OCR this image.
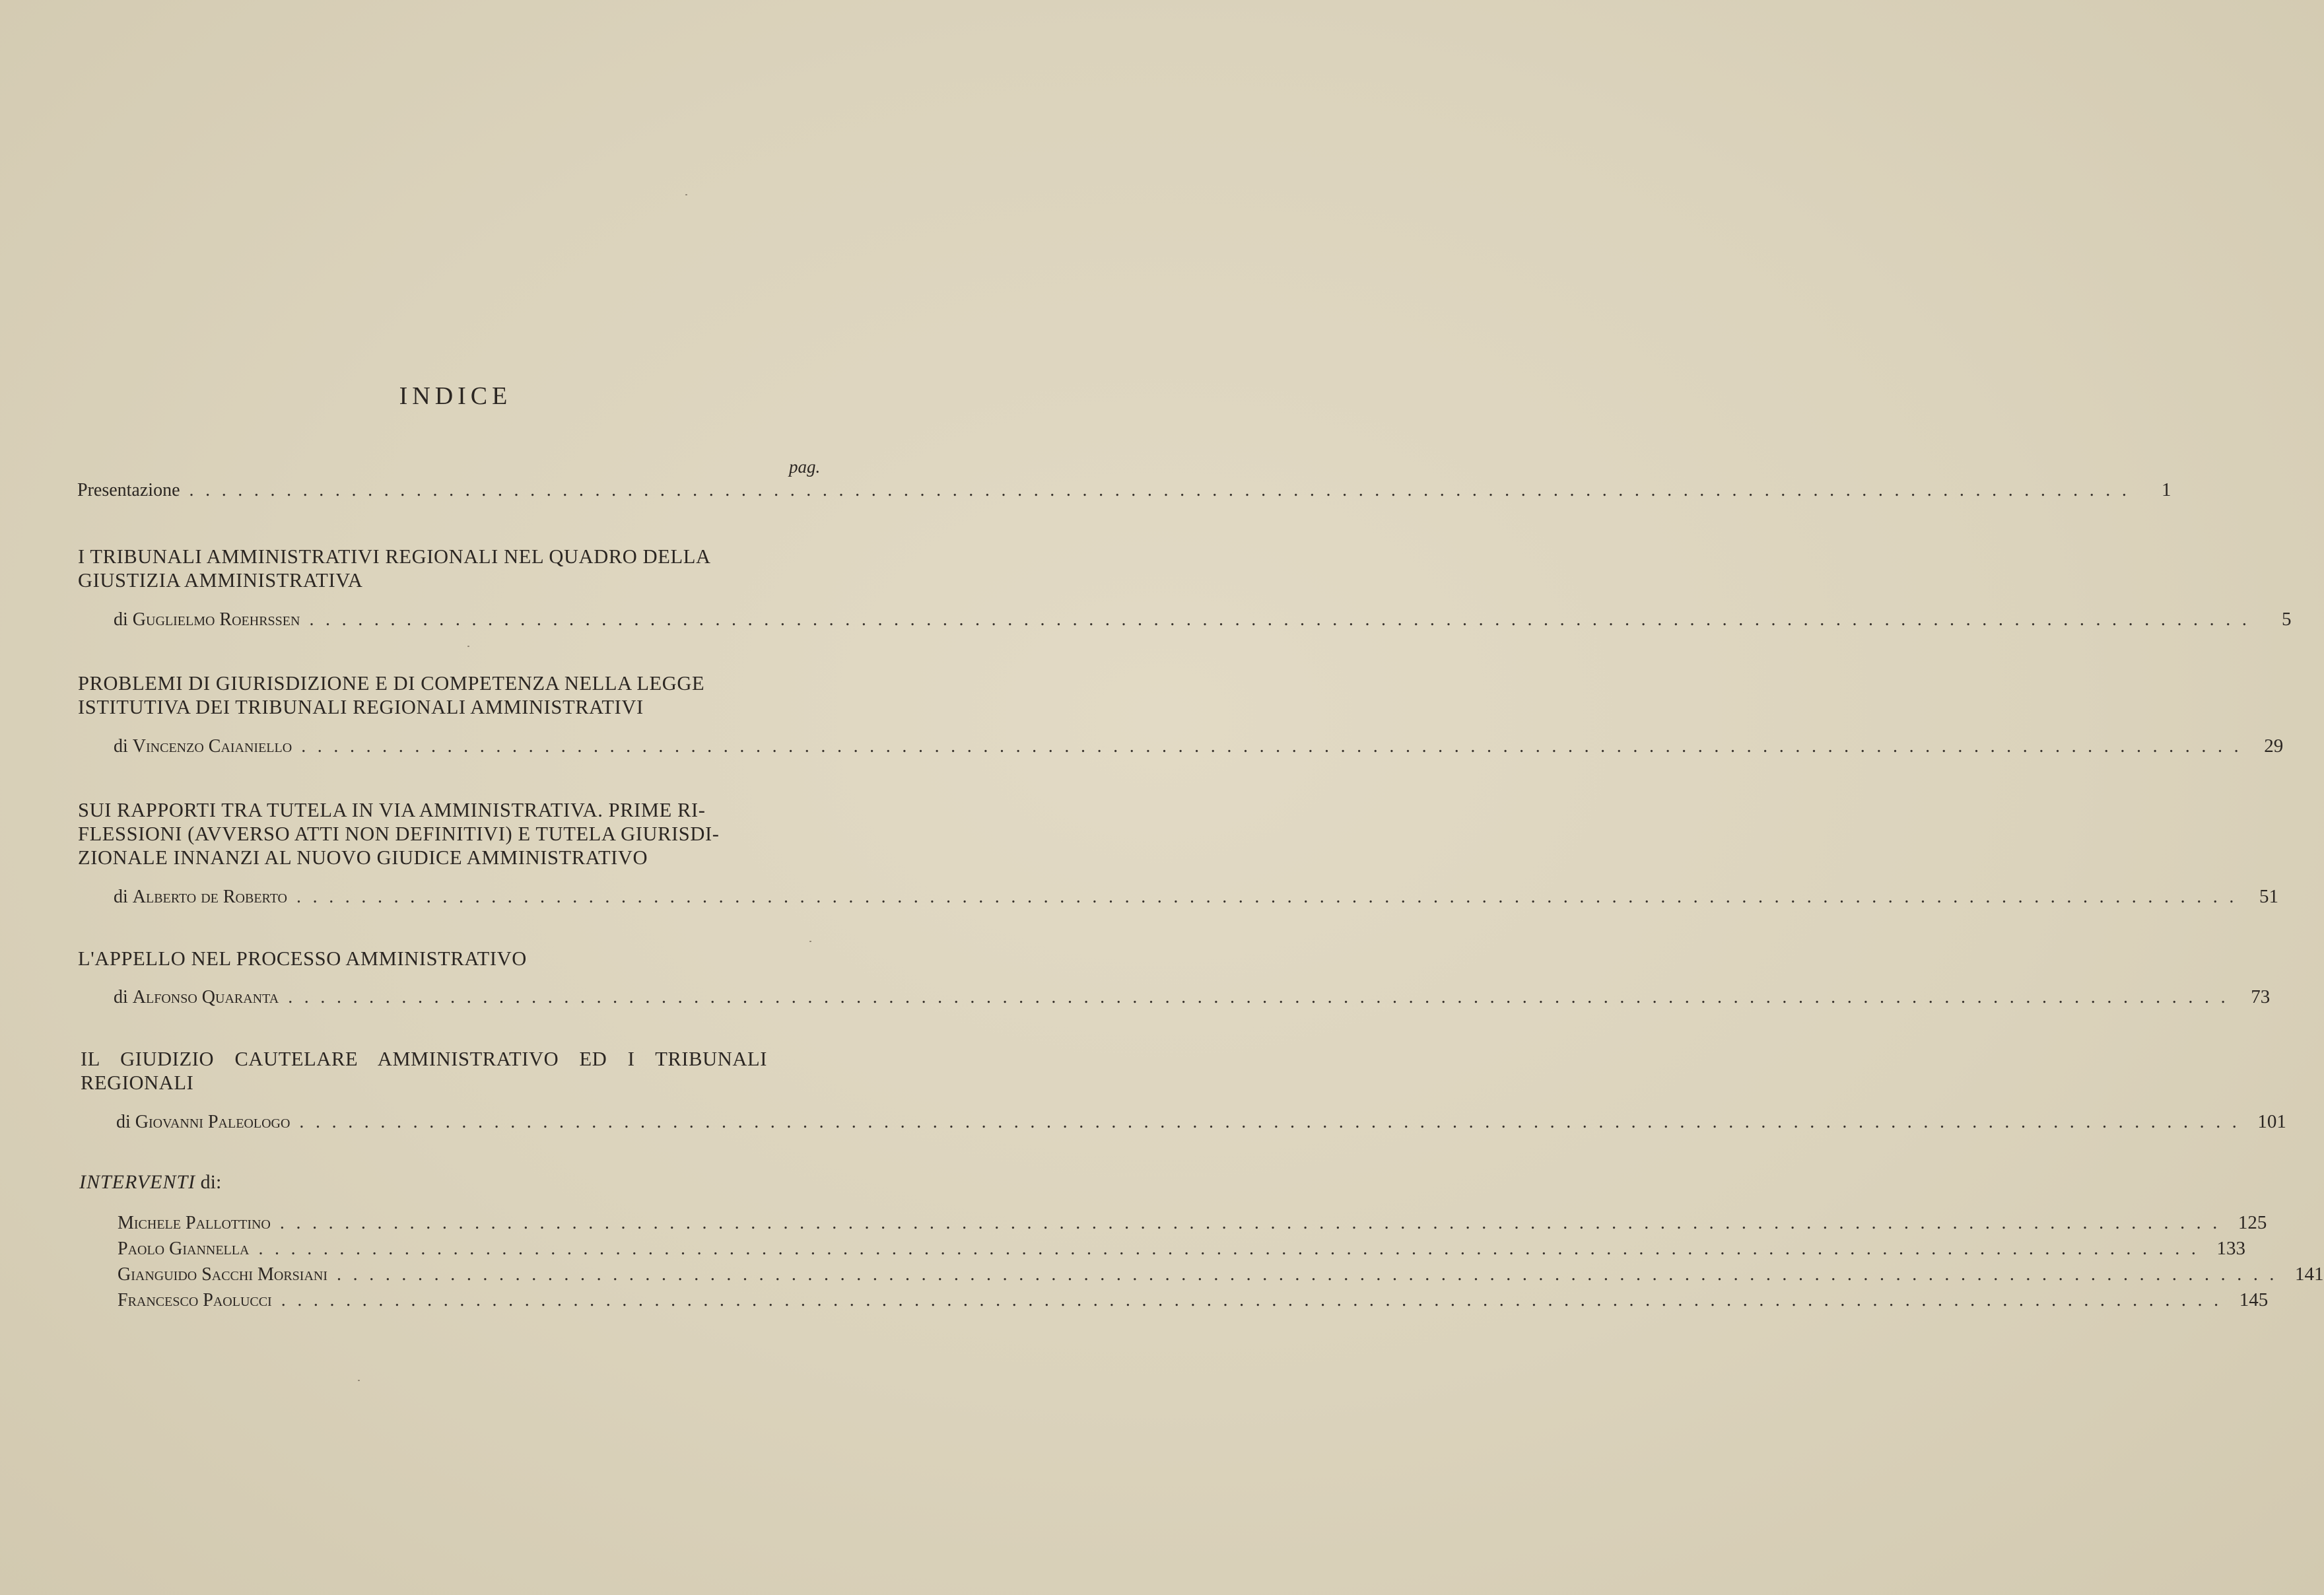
INDICE
pag.
Presentazione ........................................................................................................................	1
I TRIBUNALI AMMINISTRATIVI REGIONALI NEL QUADRO DELLA
GIUSTIZIA AMMINISTRATIVA
di Guglielmo Roehrssen ........................................................................................................................	5
PROBLEMI DI GIURISDIZIONE E DI COMPETENZA NELLA LEGGE
ISTITUTIVA DEI TRIBUNALI REGIONALI AMMINISTRATIVI
di Vincenzo Caianiello ........................................................................................................................ 29
SUI RAPPORTI TRA TUTELA IN VIA AMMINISTRATIVA. PRIME RI-
FLESSIONI (AVVERSO ATTI NON DEFINITIVI) E TUTELA GIURISDI-
ZIONALE INNANZI AL NUOVO GIUDICE AMMINISTRATIVO
di Alberto de Roberto ........................................................................................................................ 51
L'APPELLO NEL PROCESSO AMMINISTRATIVO
di Alfonso Quaranta ........................................................................................................................ 73
IL GIUDIZIO CAUTELARE AMMINISTRATIVO ED I TRIBUNALI
REGIONALI
di Giovanni Paleologo ........................................................................................................................ 101
INTERVENTI di:
Michele Pallottino ........................................................................................................................ 125
Paolo Giannella ........................................................................................................................ 133
Gianguido Sacchi Morsiani ........................................................................................................................ 141
Francesco Paolucci ........................................................................................................................ 145
